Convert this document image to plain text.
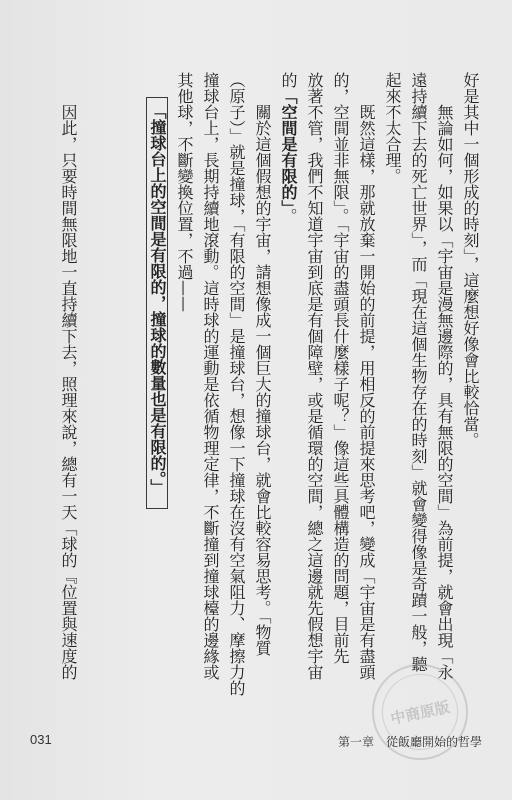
好是其中一個形成的時刻」，這麼想好像會比較恰當。
無論如何，如果以「宇宙是漫無邊際的，具有無限的空間」為前提，就會出現「永
遠持續下去的死亡世界」，而「現在這個生物存在的時刻」就會變得像是奇蹟一般，聽
起來不太合理。
既然這樣，那就放棄一開始的前提，用相反的前提來思考吧，變成「宇宙是有盡頭
的，空間並非無限」。「宇宙的盡頭長什麼樣子呢？」像這些具體構造的問題，目前先
放著不管，我們不知道宇宙到底是有個障壁，或是循環的空間，總之這邊就先假想宇宙
的「空間是有限的」。
關於這個假想的宇宙，請想像成一個巨大的撞球台，就會比較容易思考。「物質
（原子）」就是撞球，「有限的空間」是撞球台，想像一下撞球在沒有空氣阻力、摩擦力的
撞球台上，長期持續地滾動。這時球的運動是依循物理定律，不斷撞到撞球檯的邊緣或
其他球，不斷變換位置，不過——
「撞球台上的空間是有限的，撞球的數量也是有限的。」
因此，只要時間無限地一直持續下去，照理來說，總有一天「球的『位置與速度的
中商原版
031	第一章　從飯廳開始的哲學
